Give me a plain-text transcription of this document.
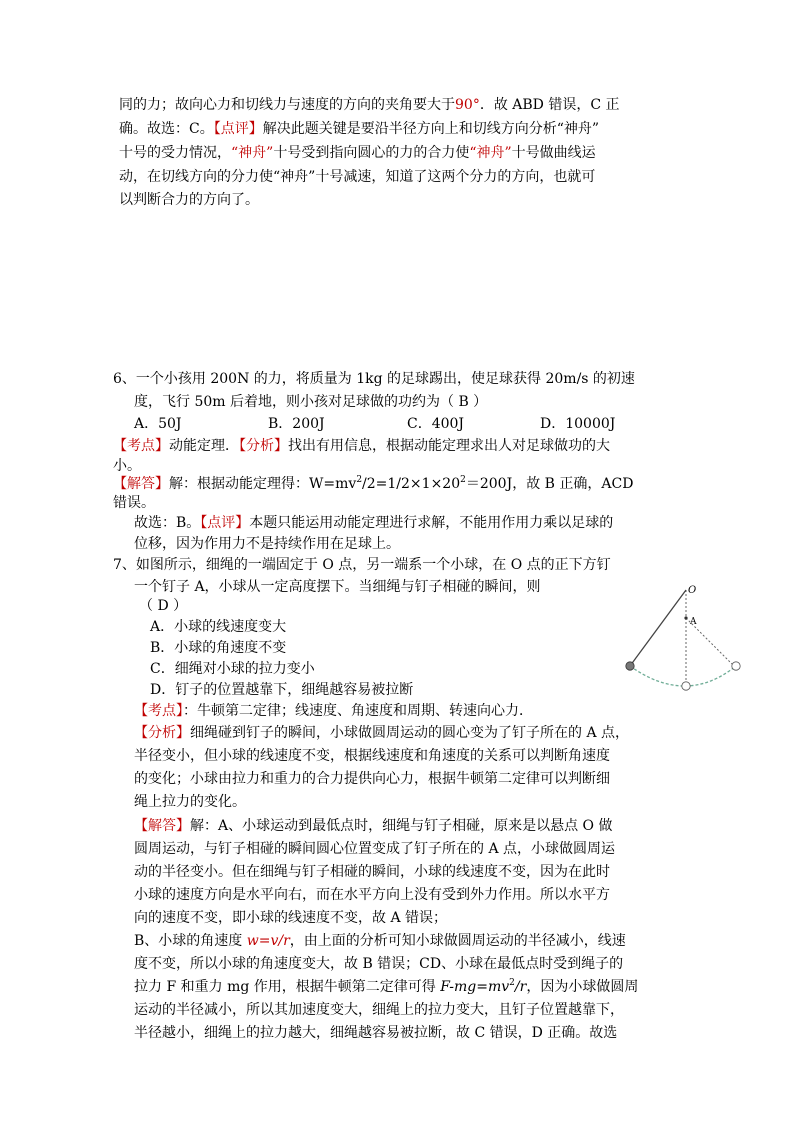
同的力；故向心力和切线力与速度的方向的夹角要大于90°．故 ABD 错误，C 正
确。故选：C。【点评】解决此题关键是要沿半径方向上和切线方向分析“神舟”
十号的受力情况，“神舟”十号受到指向圆心的力的合力使“神舟”十号做曲线运
动，在切线方向的分力使“神舟”十号减速，知道了这两个分力的方向，也就可
以判断合力的方向了。
6、一个小孩用 200N 的力，将质量为 1kg 的足球踢出，使足球获得 20m/s 的初速
度，飞行 50m 后着地，则小孩对足球做的功约为（ B ）
A．50J	B．200J	C．400J	D．10000J
【考点】动能定理．【分析】找出有用信息，根据动能定理求出人对足球做功的大
小。
【解答】解：根据动能定理得：$W=mv^2/2=1/2\times 1\times 20^2=200J$，故 B 正确，ACD
错误。
故选：B。【点评】本题只能运用动能定理进行求解，不能用作用力乘以足球的
位移，因为作用力不是持续作用在足球上。
7、如图所示，细绳的一端固定于 O 点，另一端系一个小球，在 O 点的正下方钉
一个钉子 A，小球从一定高度摆下。当细绳与钉子相碰的瞬间，则
（ D ）
A．小球的线速度变大
B．小球的角速度不变
C．细绳对小球的拉力变小
D．钉子的位置越靠下，细绳越容易被拉断
【考点】：牛顿第二定律；线速度、角速度和周期、转速向心力．
【分析】细绳碰到钉子的瞬间，小球做圆周运动的圆心变为了钉子所在的 A 点，
半径变小，但小球的线速度不变，根据线速度和角速度的关系可以判断角速度
的变化；小球由拉力和重力的合力提供向心力，根据牛顿第二定律可以判断细
绳上拉力的变化。
【解答】解：A、小球运动到最低点时，细绳与钉子相碰，原来是以悬点 O 做
圆周运动，与钉子相碰的瞬间圆心位置变成了钉子所在的 A 点，小球做圆周运
动的半径变小。但在细绳与钉子相碰的瞬间，小球的线速度不变，因为在此时
小球的速度方向是水平向右，而在水平方向上没有受到外力作用。所以水平方
向的速度不变，即小球的线速度不变，故 A 错误；
B、小球的角速度 w=v/r，由上面的分析可知小球做圆周运动的半径减小，线速
度不变，所以小球的角速度变大，故 B 错误；CD、小球在最低点时受到绳子的
拉力 F 和重力 mg 作用，根据牛顿第二定律可得 $F-mg=mv^2/r$，因为小球做圆周
运动的半径减小，所以其加速度变大，细绳上的拉力变大，且钉子位置越靠下，
半径越小，细绳上的拉力越大，细绳越容易被拉断，故 C 错误，D 正确。故选
O
A
